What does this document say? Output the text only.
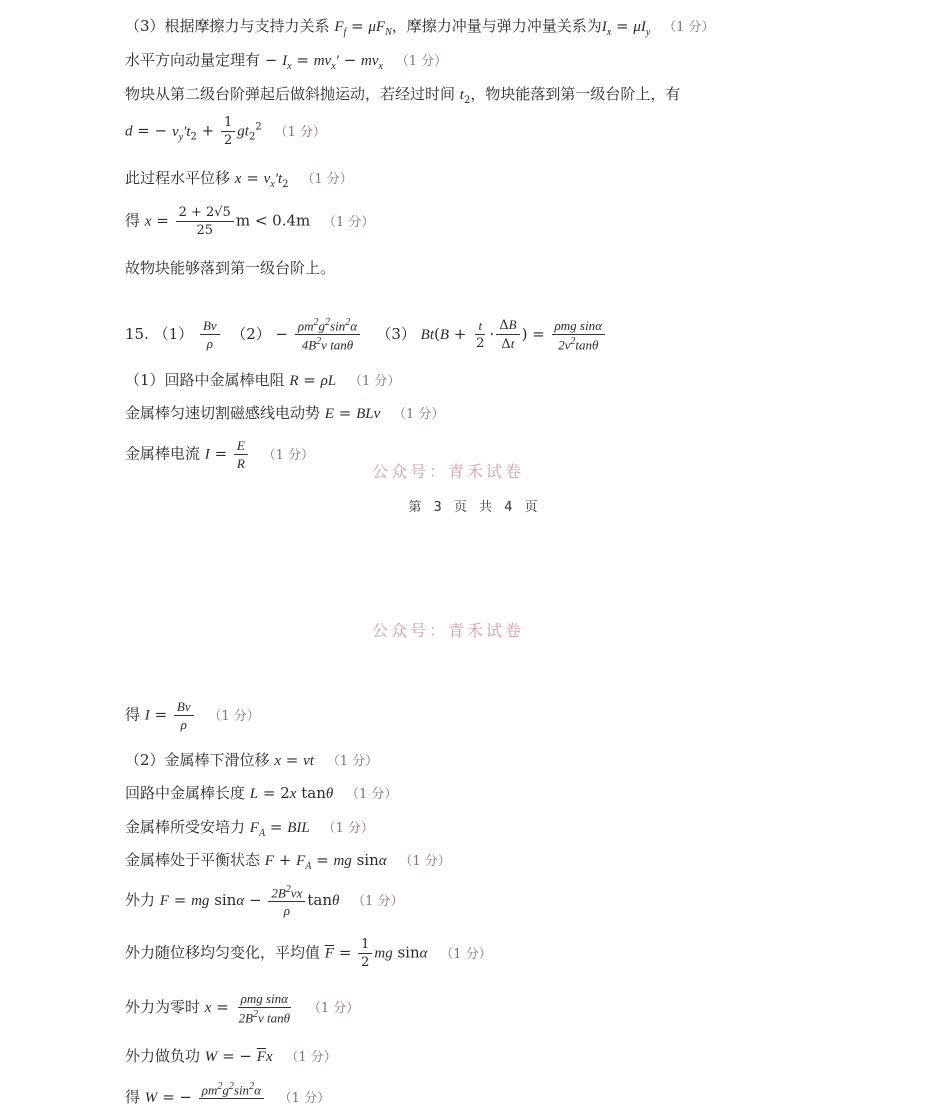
（3）根据摩擦力与支持力关系 $F_f = \mu F_N$，摩擦力冲量与弹力冲量关系为$I_x = \mu I_y$ （1 分）
水平方向动量定理有 − $I_x = mv_x' - mv_x$ （1 分）
物块从第二级台阶弹起后做斜抛运动，若经过时间 $t_2$，物块能落到第一级台阶上，有
d = − $v_y't_2 + \frac{1}{2} gt_2^2$ （1 分）
此过程水平位移 $x = v_x't_2$ （1 分）
得 $x = \frac{2 + 2√5}{25}$ m < 0.4m （1 分）
故物块能够落到第一级台阶上。
15. $(1) \frac{Bv}{\rho} (2) - \frac{\rho m^2g^2\sin^2\alpha}{4B^2v \tan\theta} (3) Bt(B + \frac{t}{2} \cdot \frac{\Delta B}{\Delta t}$ ) = $\frac{\text{ρmg sinα}}{2v^2\tan\theta}$
（1）回路中金属棒电阻 R = ρL （1 分）
金属棒匀速切割磁感线电动势 E = BLv （1 分）
金属棒电流 $I = \frac{E}{R} (1$ 分）
公众号：青禾试卷
第 3 页 共 4 页
公众号：青禾试卷
得 $I = \frac{Bv}{\rho} (1$ 分）
（2）金属棒下滑位移 x = vt （1 分）
回路中金属棒长度 L = 2x tanθ （1 分）
金属棒所受安培力 $F_A$ = BIL （1 分）
金属棒处于平衡状态 $F + F_A$ = mg sinα （1 分）
外力 F = mg $\sin\alpha - \frac{2B^2vx}{\rho}$ tanθ （1 分）
外力随位移均匀变化，平均值 $\overline{F} = \frac{1}{2}$ mg sinα （1 分）
外力为零时 $x = \frac{\text{ρmg sinα}}{2B^2v \tan\theta} (1$ 分）
外力做负功 W = − $\overline{F}x$ （1 分）
得 W = − $\rho m^2g^2\sin^2\alpha$

（1 分）
